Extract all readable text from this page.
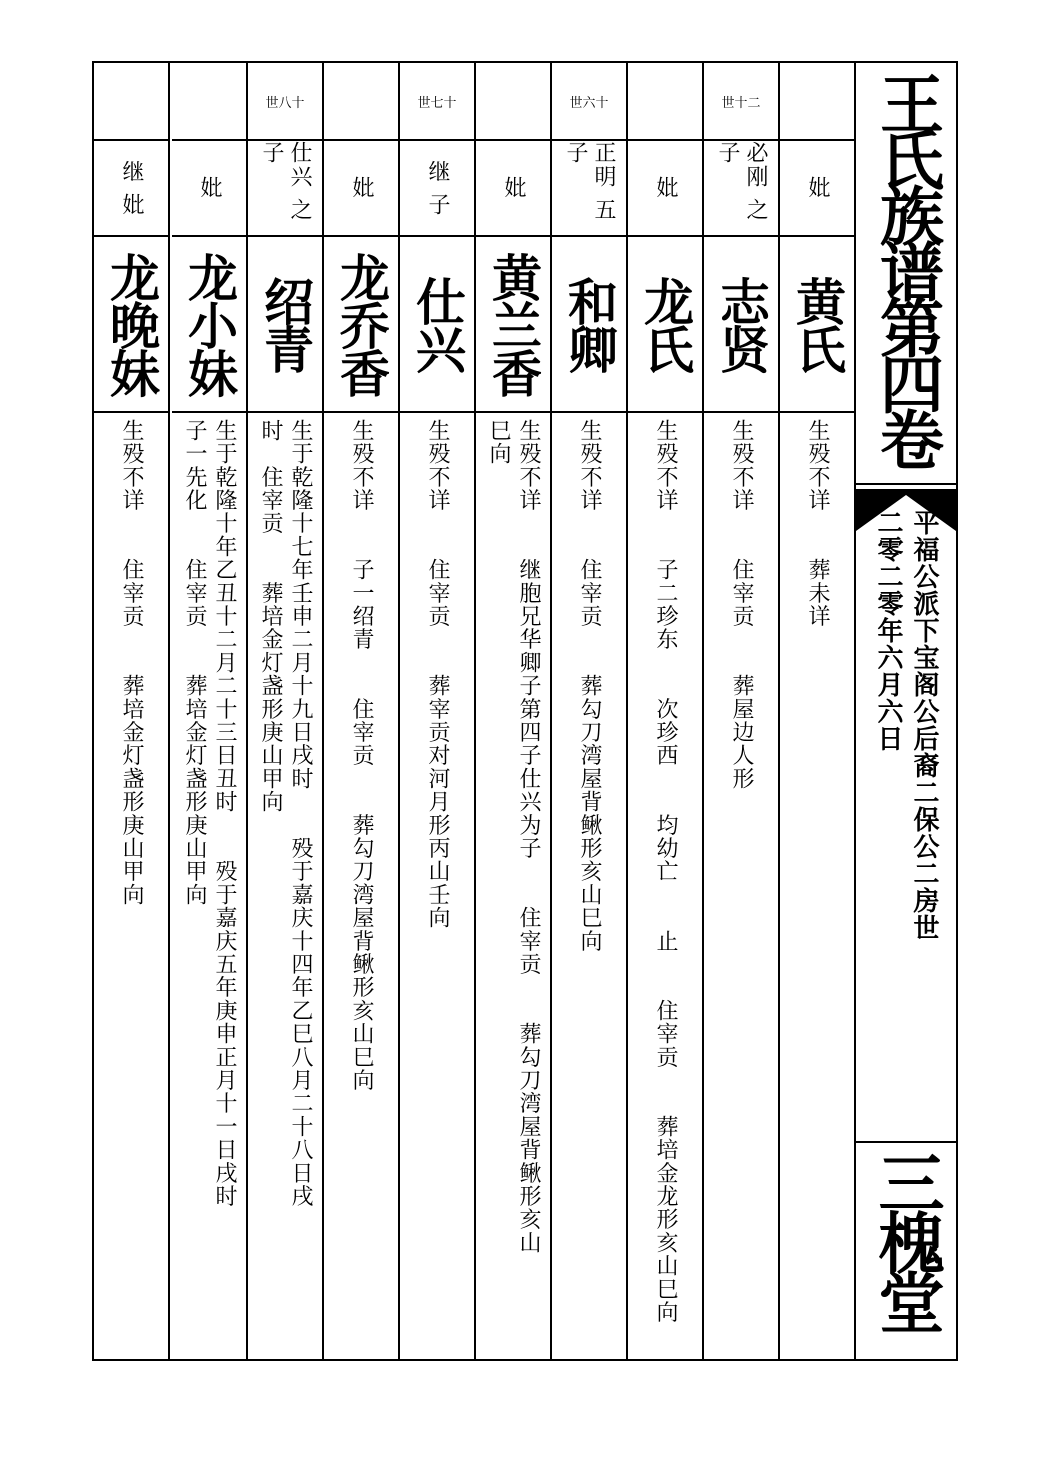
妣
黄氏
生殁不详　　葬未详
世十二
必刚 之子
志贤
生殁不详　　住宰贡　　葬屋边人形
妣
龙氏
生殁不详　　子二珍东　　次珍西　　均幼亡　　止　　住宰贡　　葬培金龙形亥山巳向
世六十
正明 五子
和卿
生殁不详　　住宰贡　　葬勾刀湾屋背鳅形亥山巳向
妣
黄兰香
生殁不详　　继胞兄华卿子第四子仕兴为子　　住宰贡　　葬勾刀湾屋背鳅形亥山
巳向
世七十
继 子
仕兴
生殁不详　　住宰贡　　葬宰贡对河月形丙山壬向
妣
龙乔香
生殁不详　　子一绍青　　住宰贡　　葬勾刀湾屋背鳅形亥山巳向
世八十
仕兴 之子
绍青
生于乾隆十七年壬申二月十九日戌时　　殁于嘉庆十四年乙巳八月二十八日戌
时　住宰贡　　葬培金灯盏形庚山甲向
妣
龙小妹
生于乾隆十年乙丑十二月二十三日丑时　　殁于嘉庆五年庚申正月十一日戌时
子一先化　　住宰贡　　葬培金灯盏形庚山甲向
继 妣
龙晚妹
生殁不详　　住宰贡　　葬培金灯盏形庚山甲向
王氏族谱第四卷
平福公派下宝阁公后裔二保公二房世
二零二零年六月六日
三槐堂
